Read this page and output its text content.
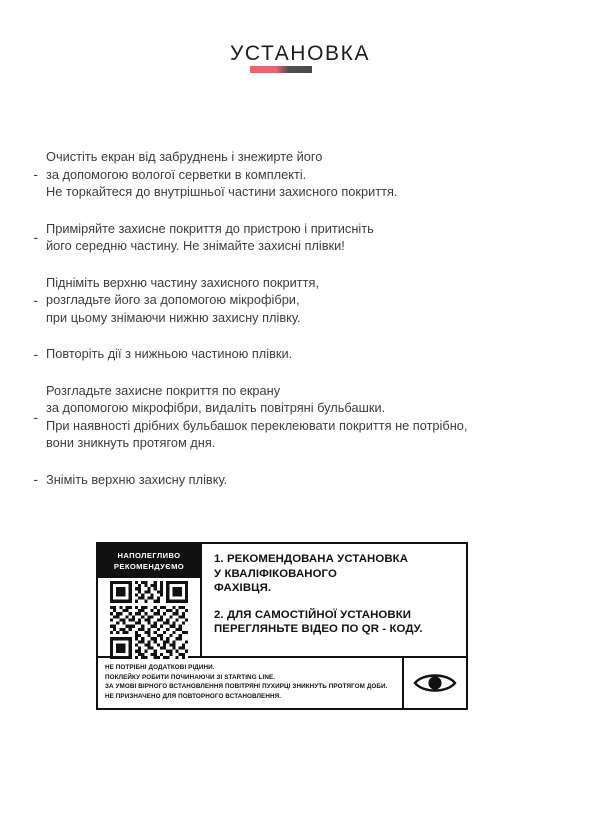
УСТАНОВКА
-
Очистіть екран від забруднень і знежирте його
за допомогою вологої серветки в комплекті.
Не торкайтеся до внутрішньої частини захисного покриття.
-
Приміряйте захисне покриття до пристрою і притисніть
його середню частину. Не знімайте захисні плівки!
-
Підніміть верхню частину захисного покриття,
розгладьте його за допомогою мікрофібри,
при цьому знімаючи нижню захисну плівку.
- Повторіть дії з нижньою частиною плівки.
-
Розгладьте захисне покриття по екрану
за допомогою мікрофібри, видаліть повітряні бульбашки.
При наявності дрібних бульбашок переклеювати покриття не потрібно,
вони зникнуть протягом дня.
- Зніміть верхню захисну плівку.
НАПОЛЕГЛИВО
РЕКОМЕНДУЄМО
1. РЕКОМЕНДОВАНА УСТАНОВКА
У КВАЛІФІКОВАНОГО
ФАХІВЦЯ.
2. ДЛЯ САМОСТІЙНОЇ УСТАНОВКИ
ПЕРЕГЛЯНЬТЕ ВІДЕО ПО QR - КОДУ.
НЕ ПОТРІБНІ ДОДАТКОВІ РІДИНИ.
ПОКЛЕЙКУ РОБИТИ ПОЧИНАЮЧИ ЗІ STARTING LINE.
ЗА УМОВІ ВІРНОГО ВСТАНОВЛЕННЯ ПОВІТРЯНІ ПУХИРЦІ ЗНИКНУТЬ ПРОТЯГОМ ДОБИ.
НЕ ПРИЗНАЧЕНО ДЛЯ ПОВТОРНОГО ВСТАНОВЛЕННЯ.
